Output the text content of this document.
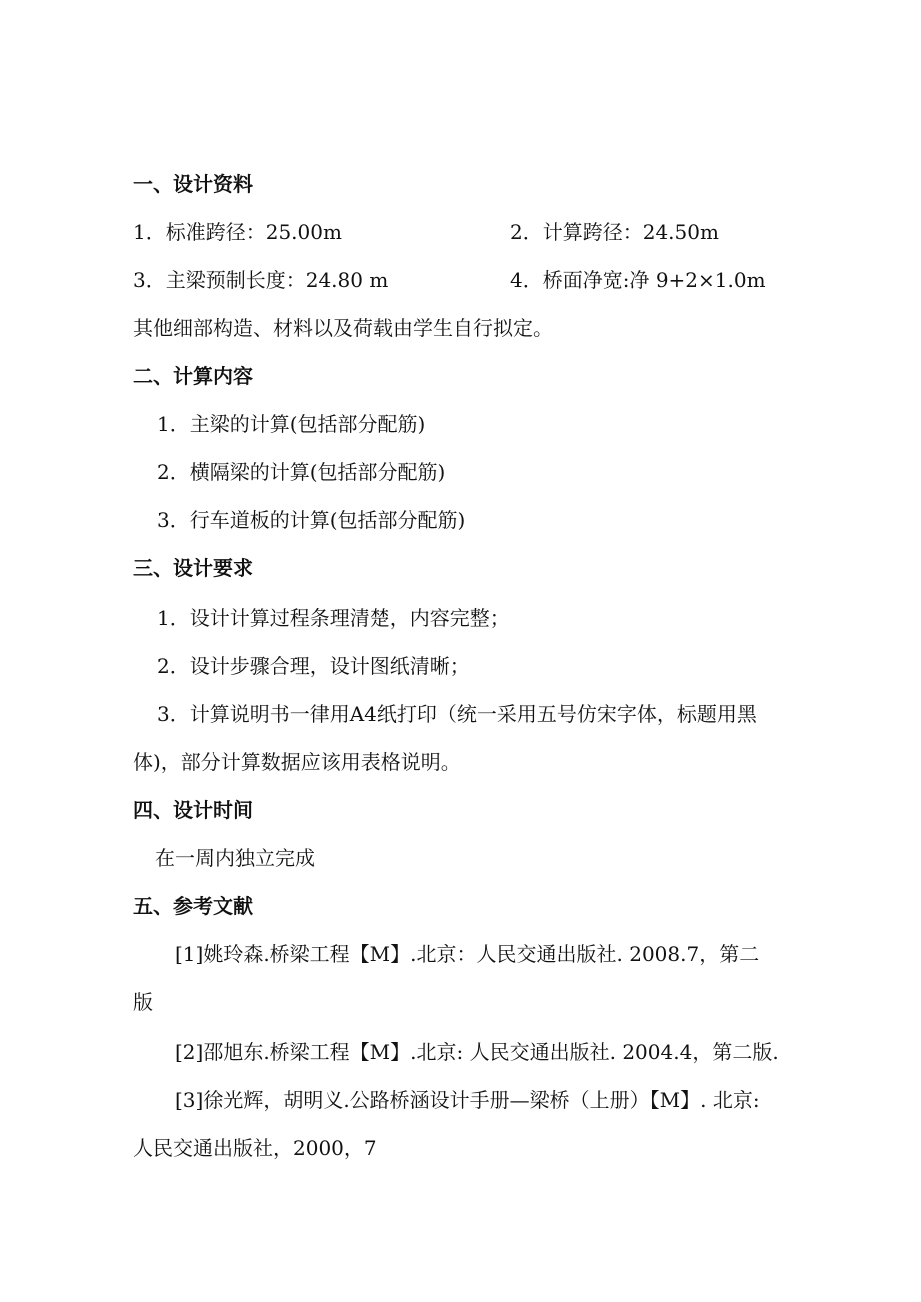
一、设计资料
1．标准跨径：25.00m	2．计算跨径：24.50m
3．主梁预制长度：24.80 m	4．桥面净宽:净 9+2×1.0m
其他细部构造、材料以及荷载由学生自行拟定。
二、计算内容
1．主梁的计算(包括部分配筋)
2．横隔梁的计算(包括部分配筋)
3．行车道板的计算(包括部分配筋)
三、设计要求
1．设计计算过程条理清楚，内容完整；
2．设计步骤合理，设计图纸清晰；
3．计算说明书一律用A4纸打印（统一采用五号仿宋字体，标题用黑
体)，部分计算数据应该用表格说明。
四、设计时间
在一周内独立完成
五、参考文献
[1]姚玲森.桥梁工程【M】.北京：人民交通出版社. 2008.7，第二
版
[2]邵旭东.桥梁工程【M】.北京: 人民交通出版社. 2004.4，第二版.
[3]徐光辉，胡明义.公路桥涵设计手册—梁桥（上册）【M】. 北京:
人民交通出版社，2000，7
